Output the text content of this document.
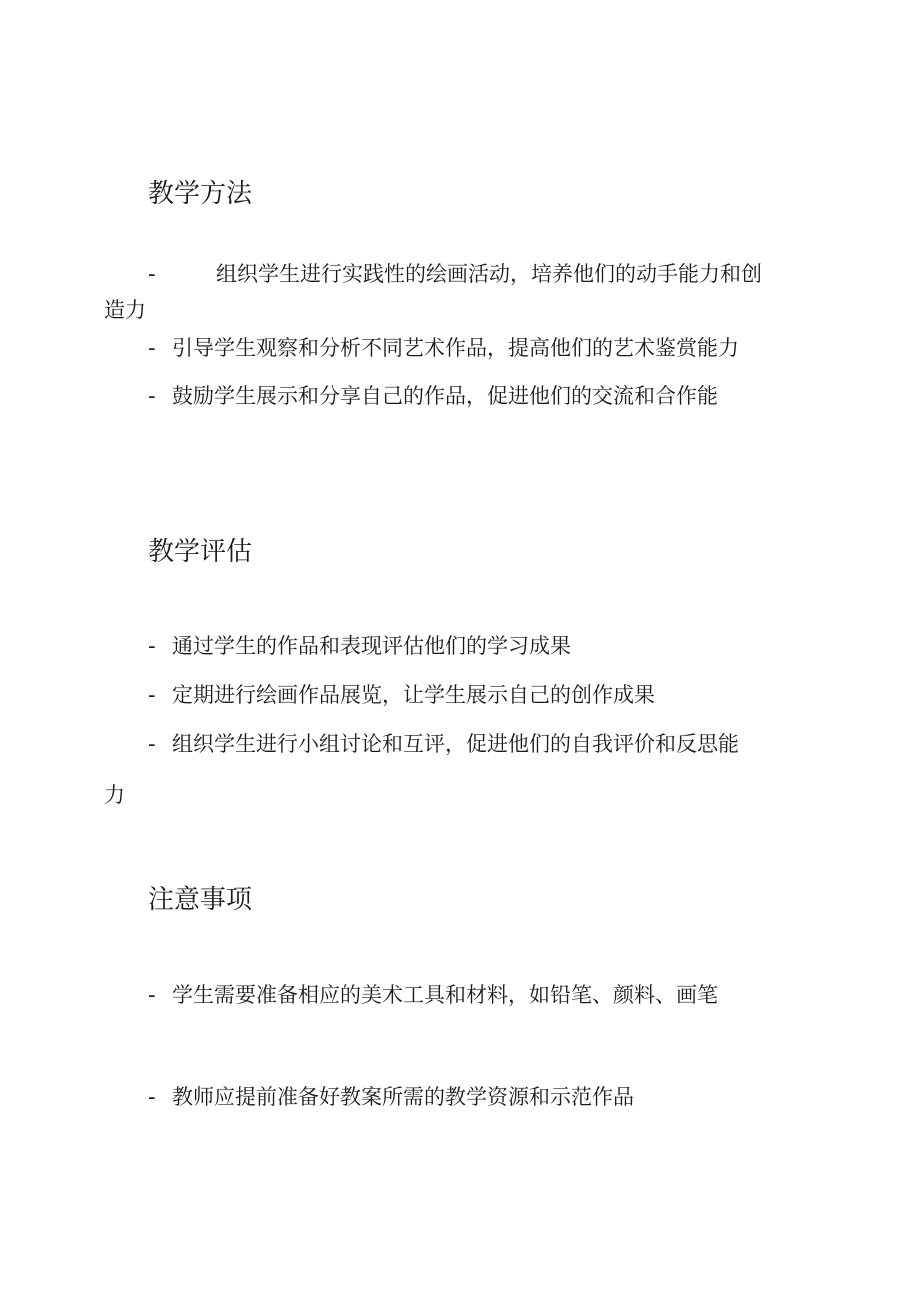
教学方法
-	组织学生进行实践性的绘画活动，培养他们的动手能力和创
造力
- 引导学生观察和分析不同艺术作品，提高他们的艺术鉴赏能力
- 鼓励学生展示和分享自己的作品，促进他们的交流和合作能
教学评估
- 通过学生的作品和表现评估他们的学习成果
- 定期进行绘画作品展览，让学生展示自己的创作成果
- 组织学生进行小组讨论和互评，促进他们的自我评价和反思能
力
注意事项
- 学生需要准备相应的美术工具和材料，如铅笔、颜料、画笔
- 教师应提前准备好教案所需的教学资源和示范作品
